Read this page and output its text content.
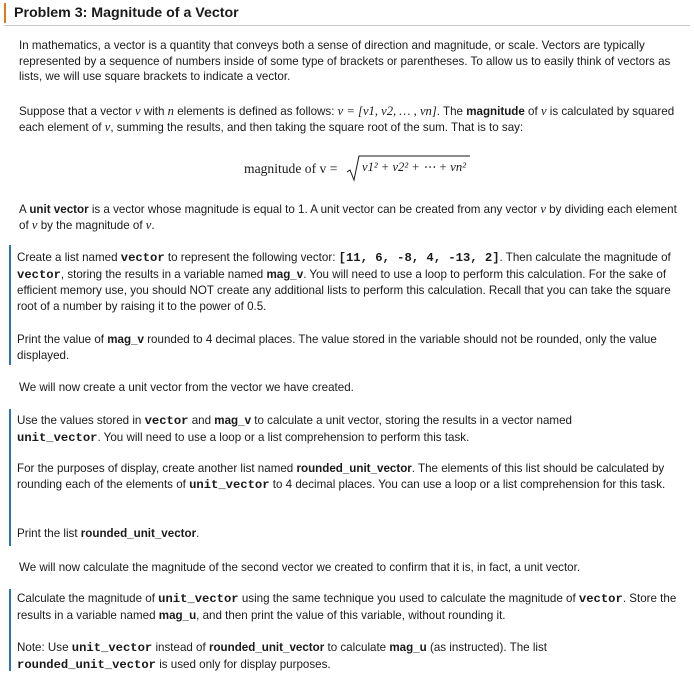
Problem 3: Magnitude of a Vector

In mathematics, a vector is a quantity that conveys both a sense of direction and magnitude, or scale. Vectors are typically represented by a sequence of numbers inside of some type of brackets or parentheses. To allow us to easily think of vectors as lists, we will use square brackets to indicate a vector.

Suppose that a vector v with n elements is defined as follows: v = [v1, v2, … , vn]. The magnitude of v is calculated by squared each element of v, summing the results, and then taking the square root of the sum. That is to say:

magnitude of v = v1² + v2² + ⋯ + vn²

A unit vector is a vector whose magnitude is equal to 1. A unit vector can be created from any vector v by dividing each element of v by the magnitude of v.

Create a list named vector to represent the following vector: [11, 6, -8, 4, -13, 2]. Then calculate the magnitude of vector, storing the results in a variable named mag_v. You will need to use a loop to perform this calculation. For the sake of efficient memory use, you should NOT create any additional lists to perform this calculation. Recall that you can take the square root of a number by raising it to the power of 0.5.

Print the value of mag_v rounded to 4 decimal places. The value stored in the variable should not be rounded, only the value displayed.

We will now create a unit vector from the vector we have created.

Use the values stored in vector and mag_v to calculate a unit vector, storing the results in a vector named
unit_vector. You will need to use a loop or a list comprehension to perform this task.

For the purposes of display, create another list named rounded_unit_vector. The elements of this list should be calculated by rounding each of the elements of unit_vector to 4 decimal places. You can use a loop or a list comprehension for this task.

Print the list rounded_unit_vector.

We will now calculate the magnitude of the second vector we created to confirm that it is, in fact, a unit vector.

Calculate the magnitude of unit_vector using the same technique you used to calculate the magnitude of vector. Store the results in a variable named mag_u, and then print the value of this variable, without rounding it.

Note: Use unit_vector instead of rounded_unit_vector to calculate mag_u (as instructed). The list
rounded_unit_vector is used only for display purposes.
